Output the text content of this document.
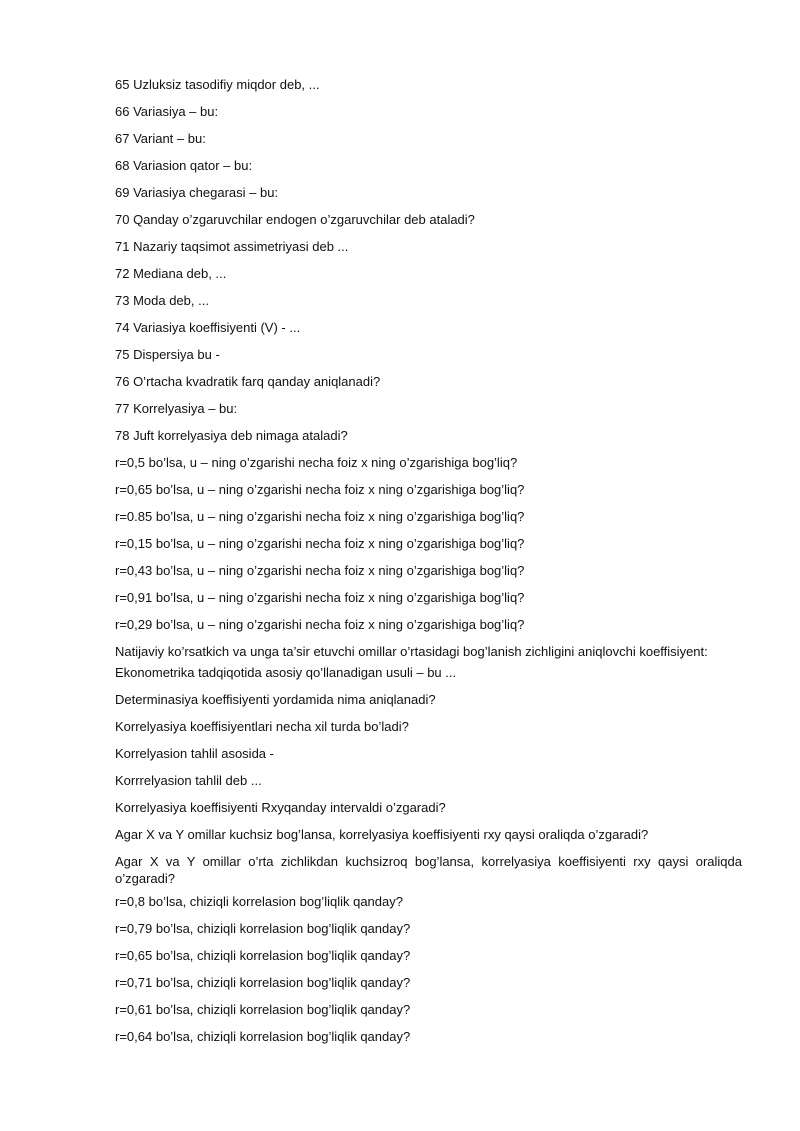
65 Uzluksiz tasodifiy miqdor deb, ...
66 Variasiya – bu:
67 Variant – bu:
68 Variasion qator – bu:
69 Variasiya chegarasi – bu:
70 Qanday o’zgaruvchilar endogen o’zgaruvchilar deb ataladi?
71 Nazariy taqsimot assimetriyasi deb ...
72 Mediana deb, ...
73 Moda deb, ...
74 Variasiya koeffisiyenti (V) - ...
75 Dispersiya bu -
76 O’rtacha kvadratik farq qanday aniqlanadi?
77 Korrelyasiya – bu:
78 Juft korrelyasiya deb nimaga ataladi?
r=0,5 bo’lsa, u – ning o’zgarishi necha foiz x ning o’zgarishiga bog’liq?
r=0,65 bo’lsa, u – ning o’zgarishi necha foiz x ning o’zgarishiga bog’liq?
r=0.85 bo’lsa, u – ning o’zgarishi necha foiz x ning o’zgarishiga bog’liq?
r=0,15 bo’lsa, u – ning o’zgarishi necha foiz x ning o’zgarishiga bog’liq?
r=0,43 bo’lsa, u – ning o’zgarishi necha foiz x ning o’zgarishiga bog’liq?
r=0,91 bo’lsa, u – ning o’zgarishi necha foiz x ning o’zgarishiga bog’liq?
r=0,29 bo’lsa, u – ning o’zgarishi necha foiz x ning o’zgarishiga bog’liq?
Natijaviy ko’rsatkich va unga ta’sir etuvchi omillar o’rtasidagi bog’lanish zichligini aniqlovchi koeffisiyent:
Ekonometrika tadqiqotida asosiy qo’llanadigan usuli – bu ...
Determinasiya koeffisiyenti yordamida nima aniqlanadi?
Korrelyasiya koeffisiyentlari necha xil turda bo’ladi?
Korrelyasion tahlil asosida -
Korrrelyasion tahlil deb ...
Korrelyasiya koeffisiyenti Rxyqanday intervaldi o’zgaradi?
Agar X va Y omillar kuchsiz bog’lansa, korrelyasiya koeffisiyenti rxy qaysi oraliqda o’zgaradi?
Agar X va Y omillar o’rta zichlikdan kuchsizroq bog’lansa, korrelyasiya koeffisiyenti rxy qaysi oraliqda o’zgaradi?
r=0,8 bo’lsa, chiziqli korrelasion bog’liqlik qanday?
r=0,79 bo’lsa, chiziqli korrelasion bog’liqlik qanday?
r=0,65 bo’lsa, chiziqli korrelasion bog’liqlik qanday?
r=0,71 bo’lsa, chiziqli korrelasion bog’liqlik qanday?
r=0,61 bo’lsa, chiziqli korrelasion bog’liqlik qanday?
r=0,64 bo’lsa, chiziqli korrelasion bog’liqlik qanday?
